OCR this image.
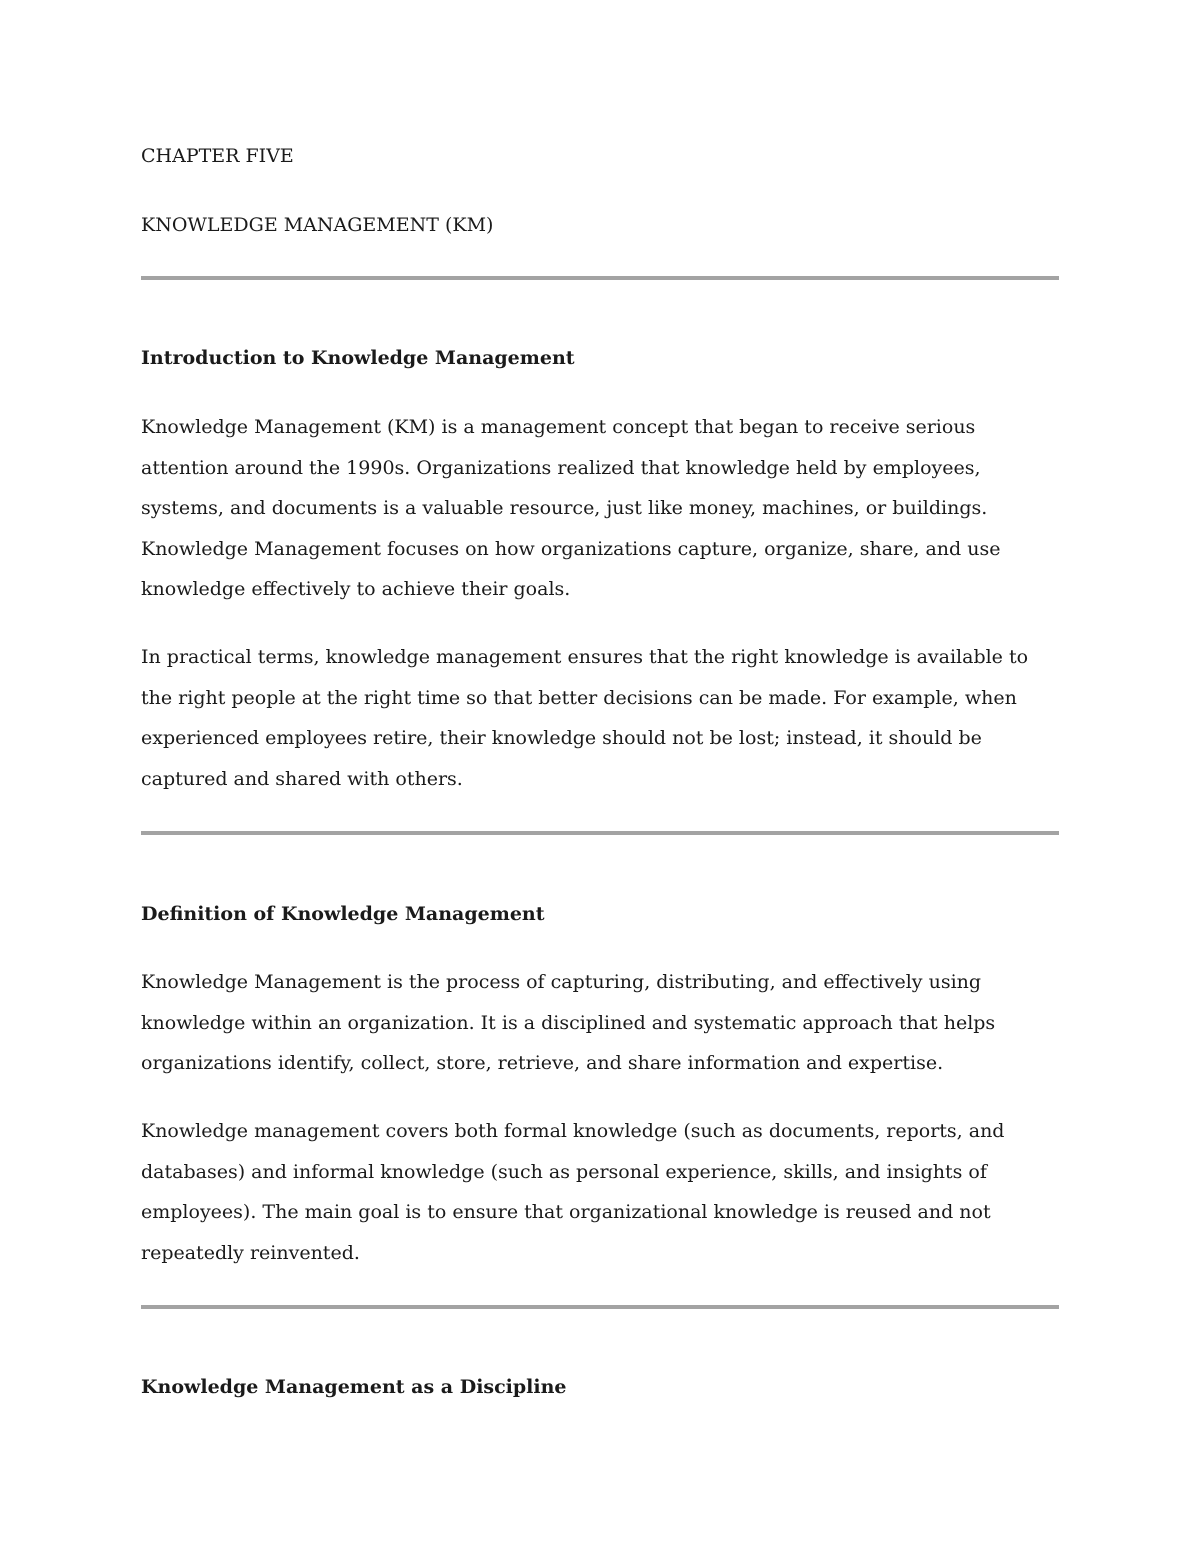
CHAPTER FIVE
KNOWLEDGE MANAGEMENT (KM)
Introduction to Knowledge Management

Knowledge Management (KM) is a management concept that began to receive serious attention around the 1990s. Organizations realized that knowledge held by employees, systems, and documents is a valuable resource, just like money, machines, or buildings. Knowledge Management focuses on how organizations capture, organize, share, and use knowledge effectively to achieve their goals.

In practical terms, knowledge management ensures that the right knowledge is available to the right people at the right time so that better decisions can be made. For example, when experienced employees retire, their knowledge should not be lost; instead, it should be captured and shared with others.

Definition of Knowledge Management

Knowledge Management is the process of capturing, distributing, and effectively using knowledge within an organization. It is a disciplined and systematic approach that helps organizations identify, collect, store, retrieve, and share information and expertise.

Knowledge management covers both formal knowledge (such as documents, reports, and databases) and informal knowledge (such as personal experience, skills, and insights of employees). The main goal is to ensure that organizational knowledge is reused and not repeatedly reinvented.

Knowledge Management as a Discipline
